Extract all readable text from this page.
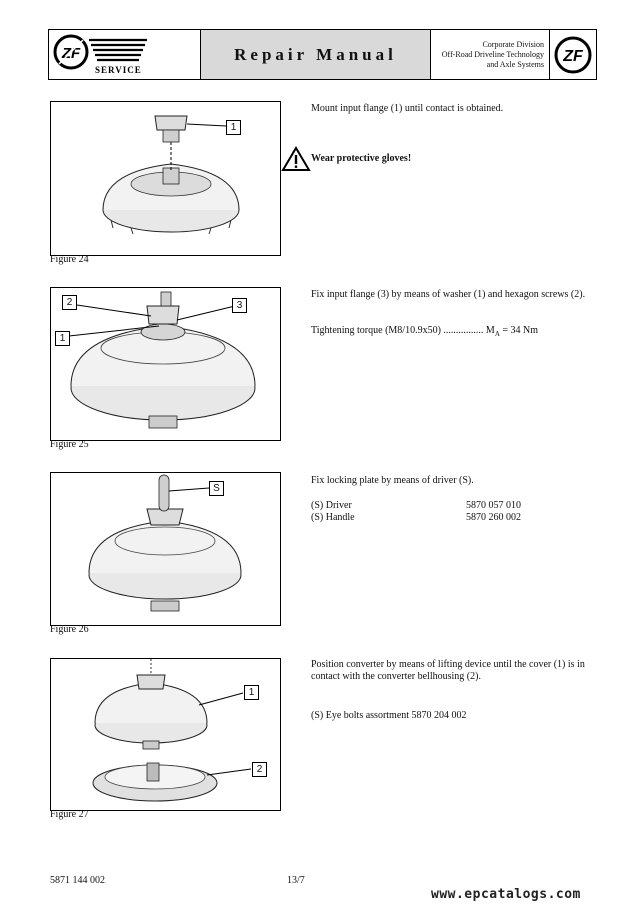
ZF
SERVICE
Repair Manual	Corporate Division
Off-Road Driveline Technology
and Axle Systems ZF
1
Figure 24
Mount input flange (1) until contact is obtained.
Wear protective gloves!
2	3
1
Figure 25
Fix input flange (3) by means of washer (1) and hexagon screws (2).
Tightening torque (M8/10.9x50) ................ $M_A = 34$ Nm
S
Figure 26
Fix locking plate by means of driver (S).
(S) Driver	5870 057 010
(S) Handle	5870 260 002
1
2
Figure 27
Position converter by means of lifting device until the cover (1) is in contact with the converter bellhousing (2).
(S) Eye bolts assortment 5870 204 002
5871 144 002	13/7
www.epcatalogs.com
